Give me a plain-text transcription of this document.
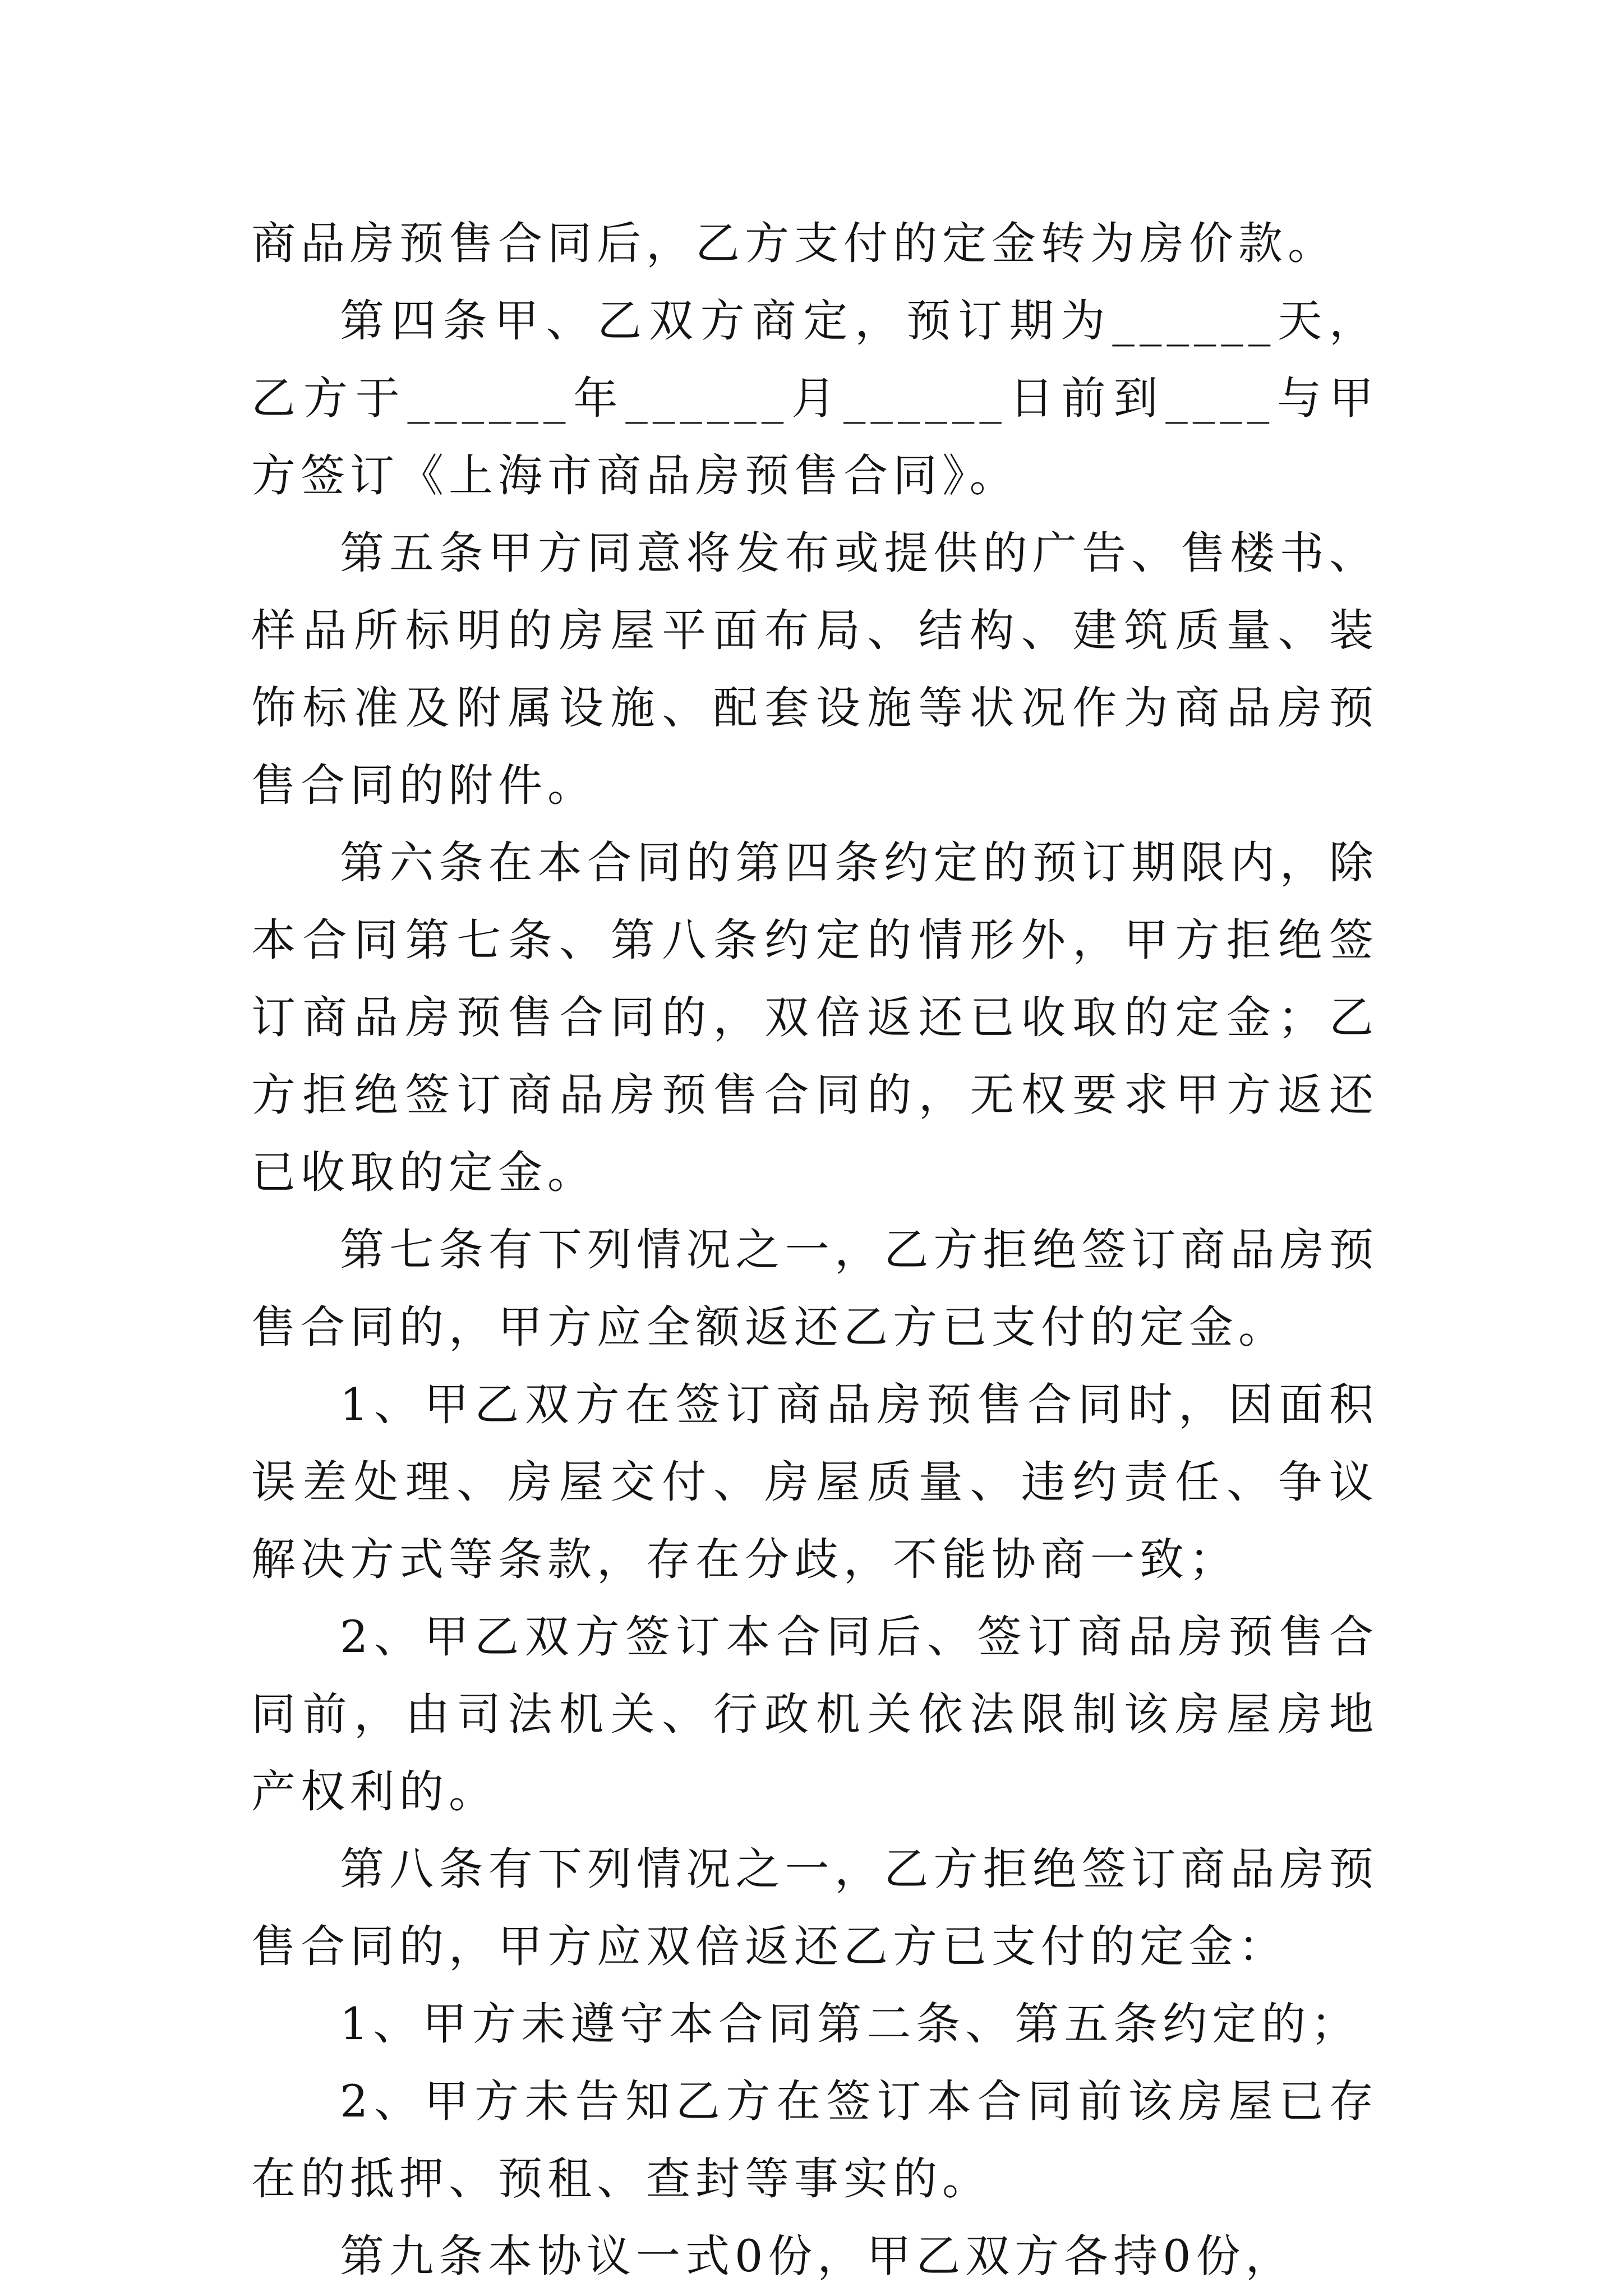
商品房预售合同后，乙方支付的定金转为房价款。

第四条甲、乙双方商定，预订期为______天，乙方于______年______月______日前到____与甲方签订《上海市商品房预售合同》。

第五条甲方同意将发布或提供的广告、售楼书、样品所标明的房屋平面布局、结构、建筑质量、装饰标准及附属设施、配套设施等状况作为商品房预售合同的附件。

第六条在本合同的第四条约定的预订期限内，除本合同第七条、第八条约定的情形外，甲方拒绝签订商品房预售合同的，双倍返还已收取的定金；乙方拒绝签订商品房预售合同的，无权要求甲方返还已收取的定金。

第七条有下列情况之一，乙方拒绝签订商品房预售合同的，甲方应全额返还乙方已支付的定金。

1、甲乙双方在签订商品房预售合同时，因面积误差处理、房屋交付、房屋质量、违约责任、争议解决方式等条款，存在分歧，不能协商一致；

2、甲乙双方签订本合同后、签订商品房预售合同前，由司法机关、行政机关依法限制该房屋房地产权利的。

第八条有下列情况之一，乙方拒绝签订商品房预售合同的，甲方应双倍返还乙方已支付的定金：

1、甲方未遵守本合同第二条、第五条约定的；

2、甲方未告知乙方在签订本合同前该房屋已存在的抵押、预租、查封等事实的。

第九条本协议一式0份，甲乙双方各持0份，
